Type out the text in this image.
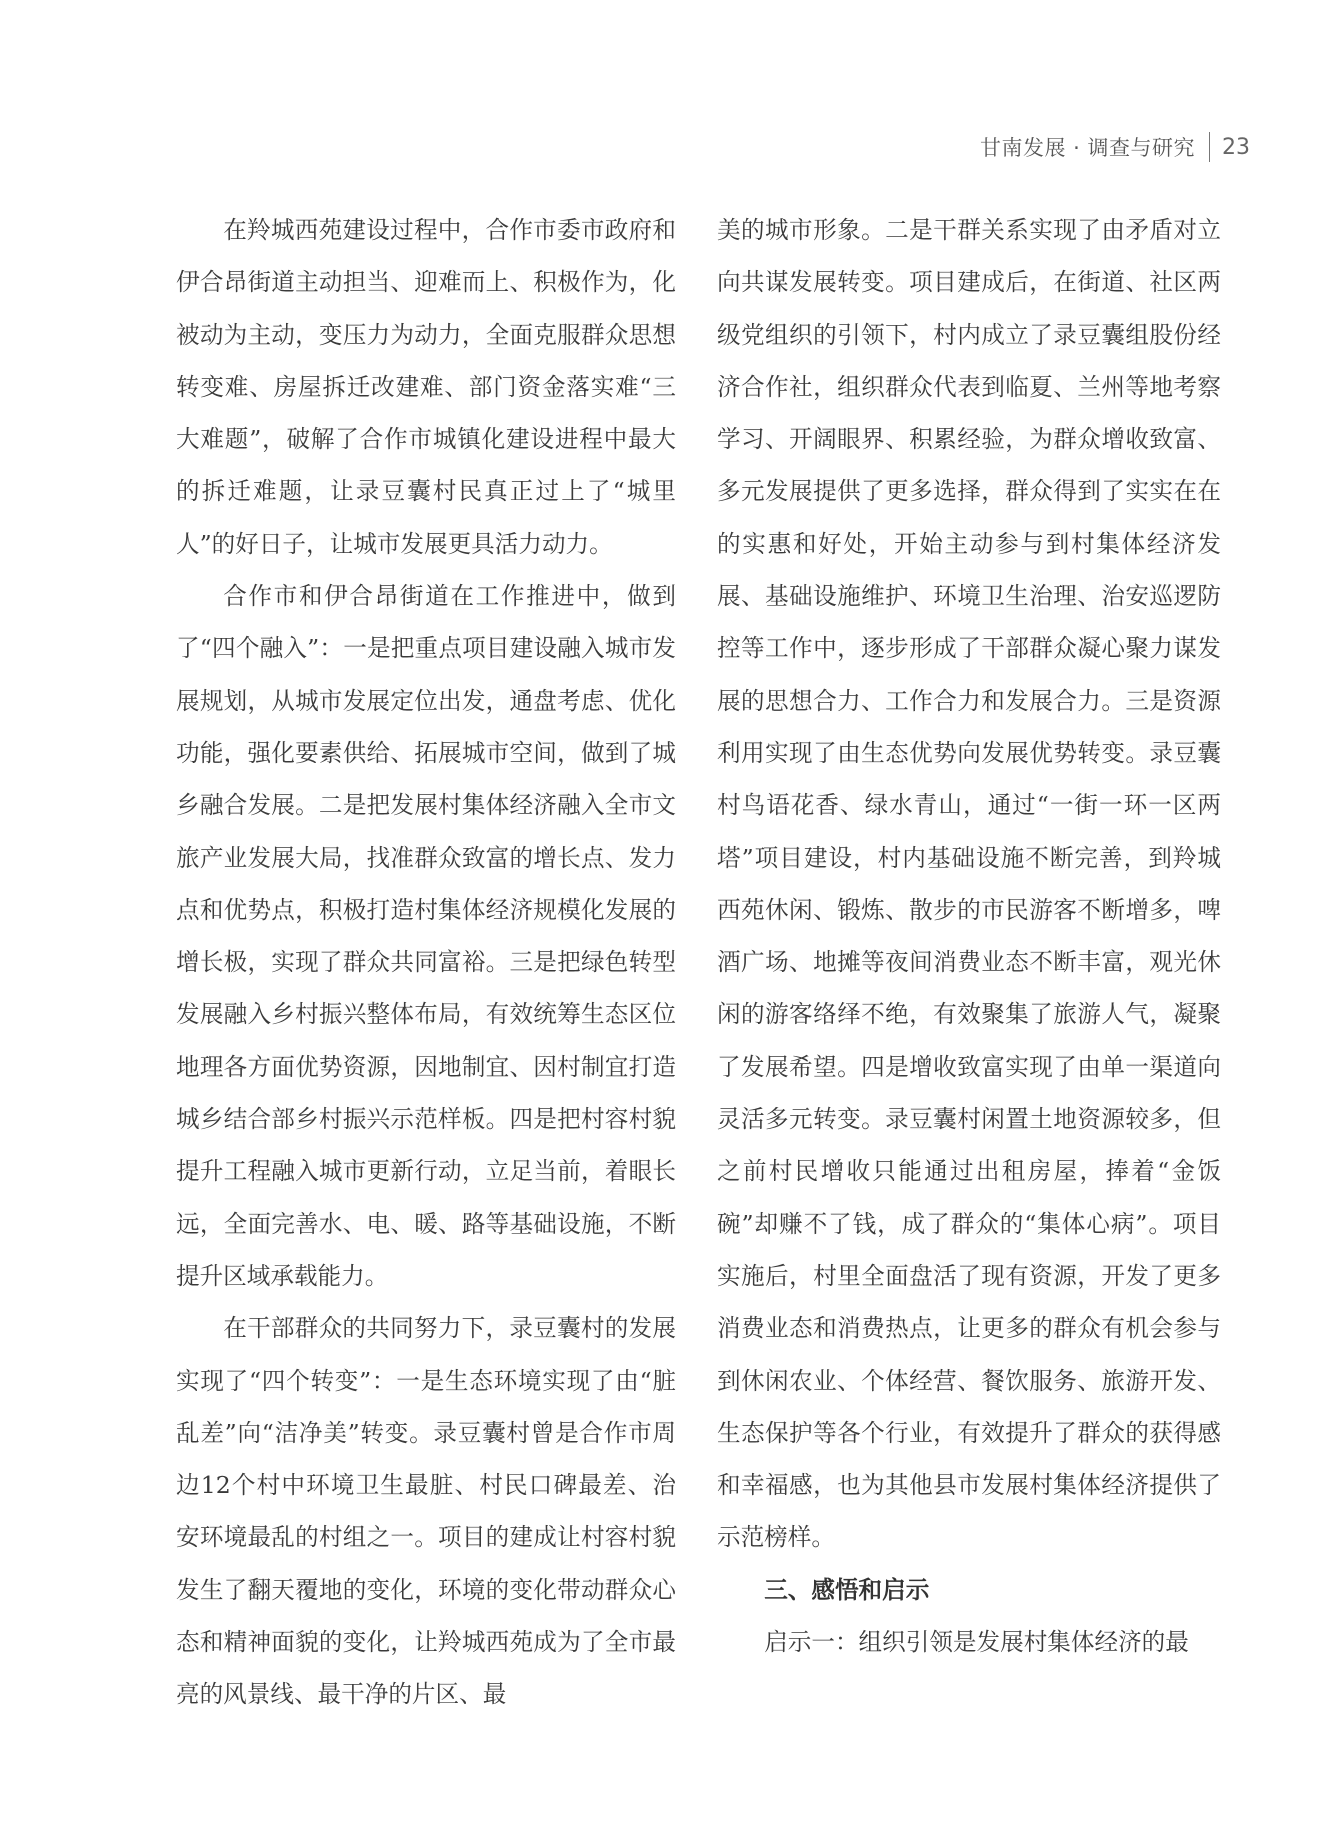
甘南发展 · 调查与研究 23

在羚城西苑建设过程中，合作市委市政府和伊合昂街道主动担当、迎难而上、积极作为，化被动为主动，变压力为动力，全面克服群众思想转变难、房屋拆迁改建难、部门资金落实难“三大难题”，破解了合作市城镇化建设进程中最大的拆迁难题，让录豆囊村民真正过上了“城里人”的好日子，让城市发展更具活力动力。

合作市和伊合昂街道在工作推进中，做到了“四个融入”：一是把重点项目建设融入城市发展规划，从城市发展定位出发，通盘考虑、优化功能，强化要素供给、拓展城市空间，做到了城乡融合发展。二是把发展村集体经济融入全市文旅产业发展大局，找准群众致富的增长点、发力点和优势点，积极打造村集体经济规模化发展的增长极，实现了群众共同富裕。三是把绿色转型发展融入乡村振兴整体布局，有效统筹生态区位地理各方面优势资源，因地制宜、因村制宜打造城乡结合部乡村振兴示范样板。四是把村容村貌提升工程融入城市更新行动，立足当前，着眼长远，全面完善水、电、暖、路等基础设施，不断提升区域承载能力。

在干部群众的共同努力下，录豆囊村的发展实现了“四个转变”：一是生态环境实现了由“脏乱差”向“洁净美”转变。录豆囊村曾是合作市周边12个村中环境卫生最脏、村民口碑最差、治安环境最乱的村组之一。项目的建成让村容村貌发生了翻天覆地的变化，环境的变化带动群众心态和精神面貌的变化，让羚城西苑成为了全市最亮的风景线、最干净的片区、最

美的城市形象。二是干群关系实现了由矛盾对立向共谋发展转变。项目建成后，在街道、社区两级党组织的引领下，村内成立了录豆囊组股份经济合作社，组织群众代表到临夏、兰州等地考察学习、开阔眼界、积累经验，为群众增收致富、多元发展提供了更多选择，群众得到了实实在在的实惠和好处，开始主动参与到村集体经济发展、基础设施维护、环境卫生治理、治安巡逻防控等工作中，逐步形成了干部群众凝心聚力谋发展的思想合力、工作合力和发展合力。三是资源利用实现了由生态优势向发展优势转变。录豆囊村鸟语花香、绿水青山，通过“一街一环一区两塔”项目建设，村内基础设施不断完善，到羚城西苑休闲、锻炼、散步的市民游客不断增多，啤酒广场、地摊等夜间消费业态不断丰富，观光休闲的游客络绎不绝，有效聚集了旅游人气，凝聚了发展希望。四是增收致富实现了由单一渠道向灵活多元转变。录豆囊村闲置土地资源较多，但之前村民增收只能通过出租房屋，捧着“金饭碗”却赚不了钱，成了群众的“集体心病”。项目实施后，村里全面盘活了现有资源，开发了更多消费业态和消费热点，让更多的群众有机会参与到休闲农业、个体经营、餐饮服务、旅游开发、生态保护等各个行业，有效提升了群众的获得感和幸福感，也为其他县市发展村集体经济提供了示范榜样。

三、感悟和启示

启示一：组织引领是发展村集体经济的最
